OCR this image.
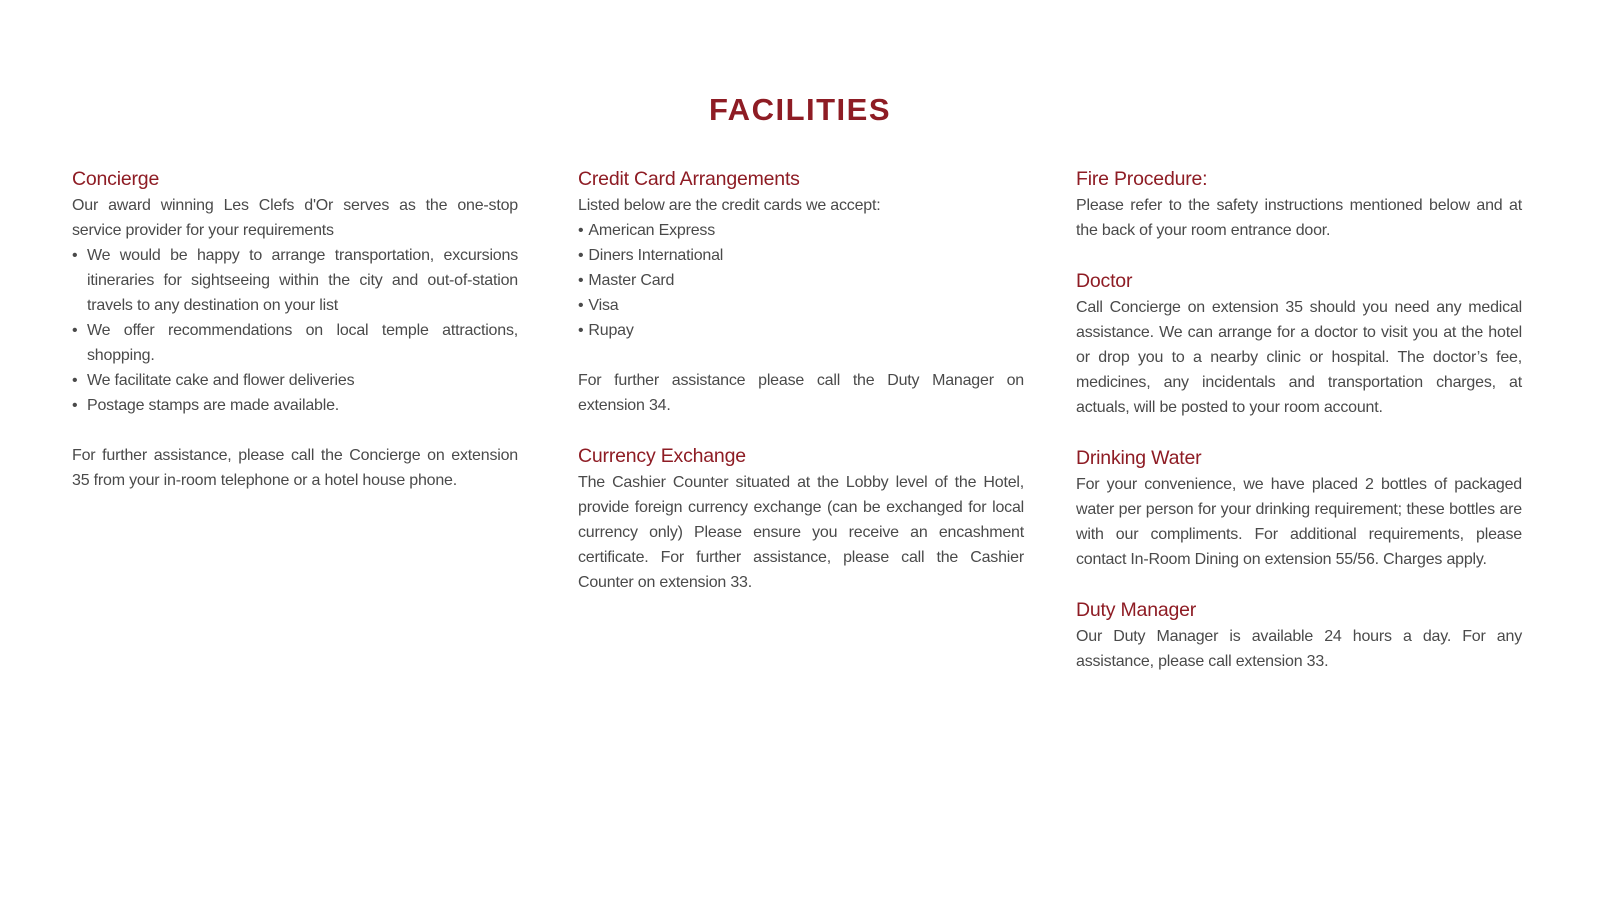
FACILITIES
Concierge

Our award winning Les Clefs d'Or serves as the one-stop service provider for your requirements

• We would be happy to arrange transportation, excursions itineraries for sightseeing within the city and out-of-station travels to any destination on your list
• We offer recommendations on local temple attractions, shopping.
• We facilitate cake and flower deliveries
• Postage stamps are made available.

For further assistance, please call the Concierge on extension 35 from your in-room telephone or a hotel house phone.

Credit Card Arrangements

Listed below are the credit cards we accept:

• American Express
• Diners International
• Master Card
• Visa
• Rupay

For further assistance please call the Duty Manager on extension 34.

Currency Exchange

The Cashier Counter situated at the Lobby level of the Hotel, provide foreign currency exchange (can be exchanged for local currency only) Please ensure you receive an encashment certificate. For further assistance, please call the Cashier Counter on extension 33.

Fire Procedure:

Please refer to the safety instructions mentioned below and at the back of your room entrance door.

Doctor

Call Concierge on extension 35 should you need any medical assistance. We can arrange for a doctor to visit you at the hotel or drop you to a nearby clinic or hospital. The doctor’s fee, medicines, any incidentals and transportation charges, at actuals, will be posted to your room account.

Drinking Water

For your convenience, we have placed 2 bottles of packaged water per person for your drinking requirement; these bottles are with our compliments. For additional requirements, please contact In-Room Dining on extension 55/56. Charges apply.

Duty Manager

Our Duty Manager is available 24 hours a day. For any assistance, please call extension 33.
